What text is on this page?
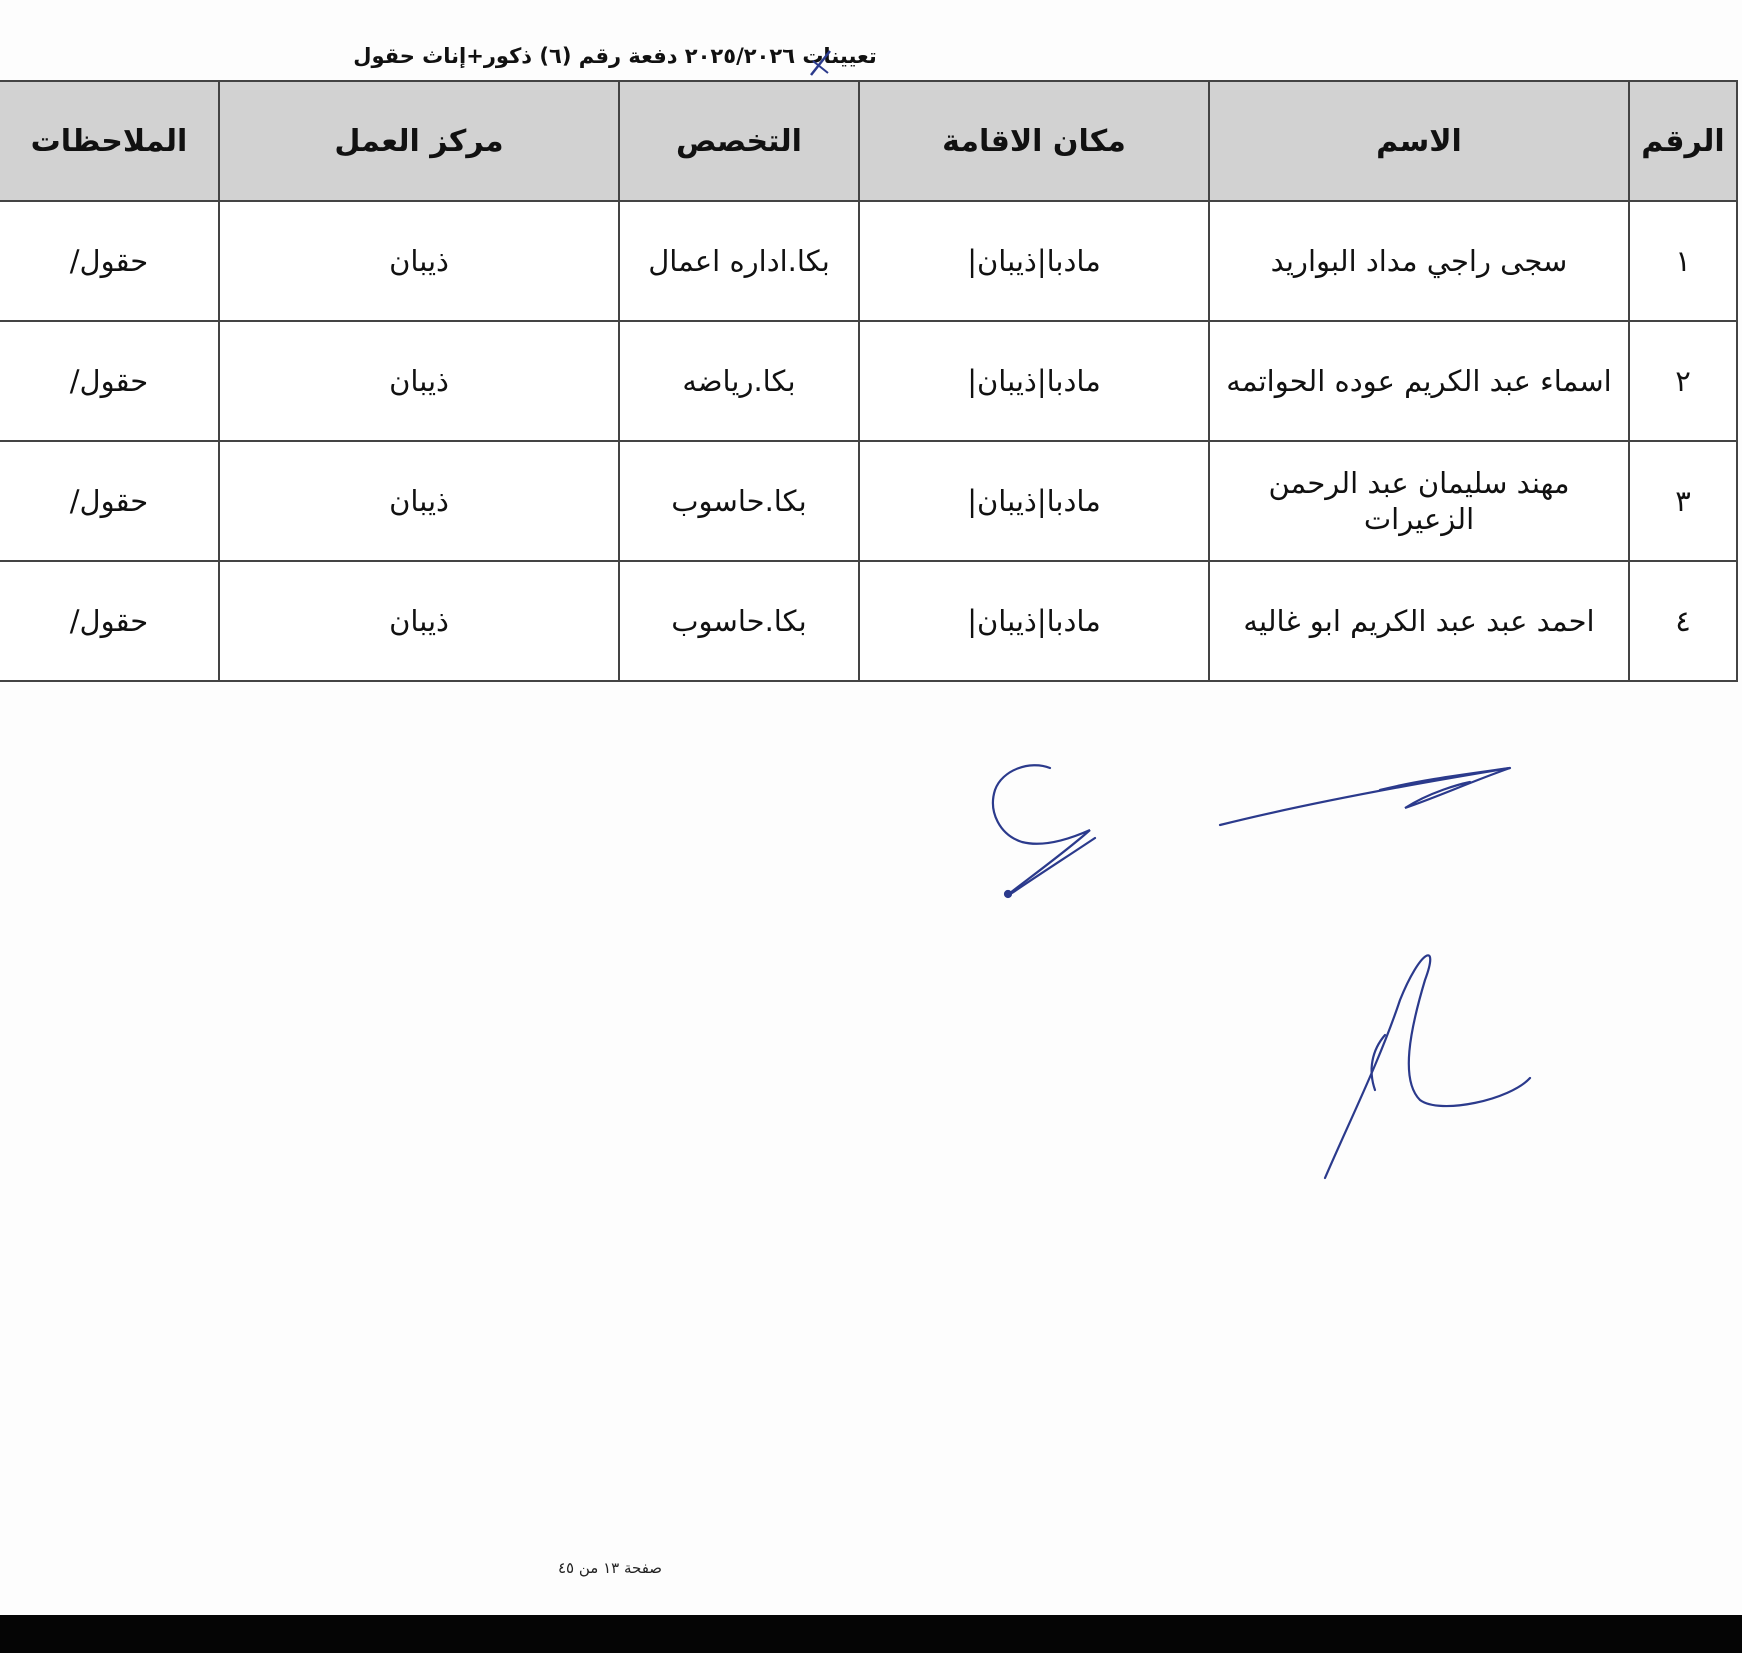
تعيينات ٢٠٢٥/٢٠٢٦ دفعة رقم (٦) ذكور+إناث حقول
الرقم	الاسم	مكان الاقامة	التخصص	مركز العمل	الملاحظات
١	سجى راجي مداد البواريد	مادبا|ذيبان|	بكا.اداره اعمال	ذيبان	حقول/
٢	اسماء عبد الكريم عوده الحواتمه	مادبا|ذيبان|	بكا.رياضه	ذيبان	حقول/
٣	مهند سليمان عبد الرحمن الزعيرات	مادبا|ذيبان|	بكا.حاسوب	ذيبان	حقول/
٤	احمد عبد عبد الكريم ابو غاليه	مادبا|ذيبان|	بكا.حاسوب	ذيبان	حقول/
صفحة ١٣ من ٤٥
